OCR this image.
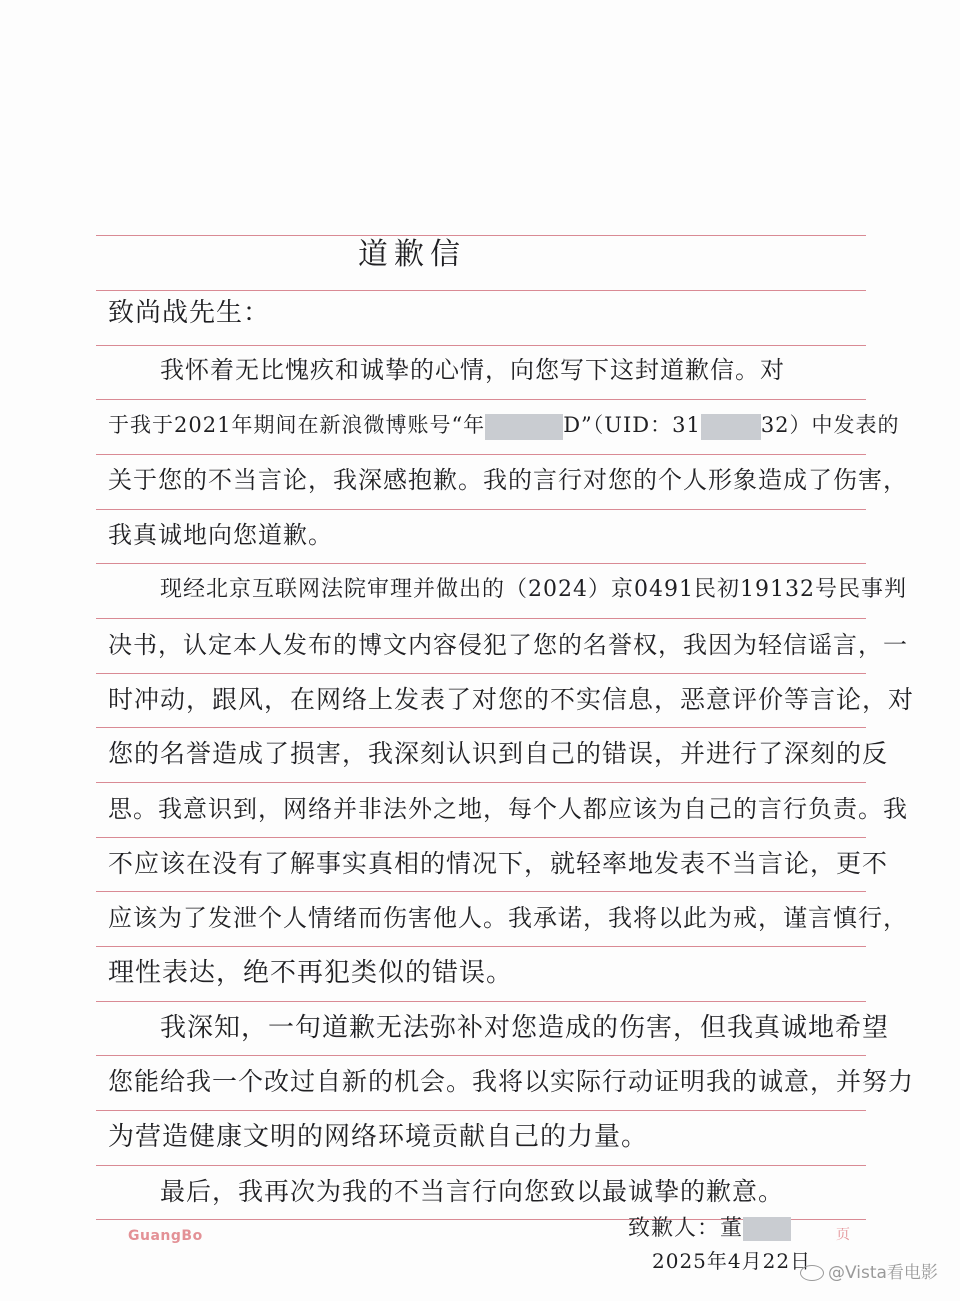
道歉信
致尚战先生：
我怀着无比愧疚和诚挚的心情，向您写下这封道歉信。对
于我于2021年期间在新浪微博账号“年	D”（UID：31	32）中发表的
关于您的不当言论，我深感抱歉。我的言行对您的个人形象造成了伤害，
我真诚地向您道歉。
现经北京互联网法院审理并做出的（2024）京0491民初19132号民事判
决书，认定本人发布的博文内容侵犯了您的名誉权，我因为轻信谣言，一
时冲动，跟风，在网络上发表了对您的不实信息，恶意评价等言论，对
您的名誉造成了损害，我深刻认识到自己的错误，并进行了深刻的反
思。我意识到，网络并非法外之地，每个人都应该为自己的言行负责。我
不应该在没有了解事实真相的情况下，就轻率地发表不当言论，更不
应该为了发泄个人情绪而伤害他人。我承诺，我将以此为戒，谨言慎行，
理性表达，绝不再犯类似的错误。
我深知，一句道歉无法弥补对您造成的伤害，但我真诚地希望
您能给我一个改过自新的机会。我将以实际行动证明我的诚意，并努力
为营造健康文明的网络环境贡献自己的力量。
最后，我再次为我的不当言行向您致以最诚挚的歉意。
致歉人：董
2025年4月22日
GuangBo	页
@Vista看电影
